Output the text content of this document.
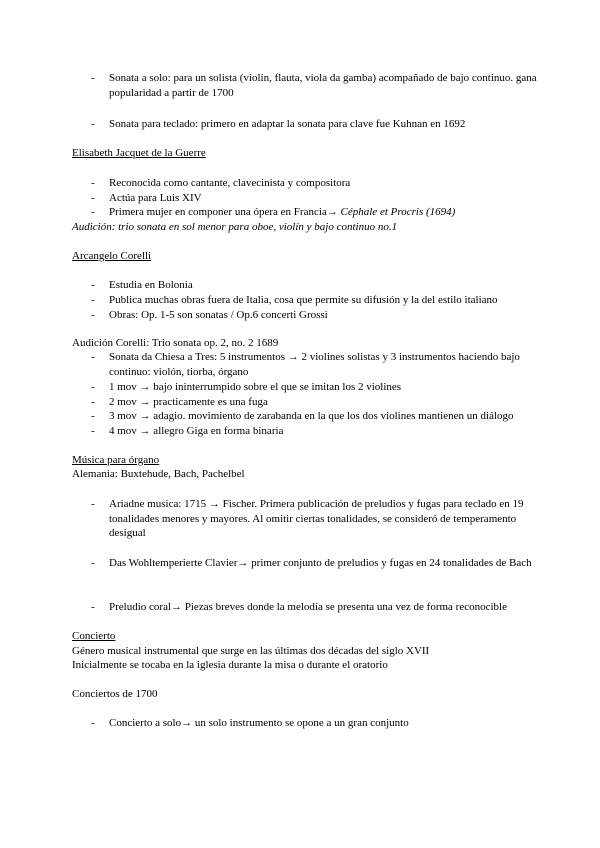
- Sonata a solo: para un solista (violín, flauta, viola da gamba) acompañado de bajo continuo. gana popularidad a partir de 1700
- Sonata para teclado: primero en adaptar la sonata para clave fue Kuhnan en 1692
Elisabeth Jacquet de la Guerre
- Reconocida como cantante, clavecinista y compositora
- Actúa para Luis XIV
- Primera mujer en componer una ópera en Francia→ Céphale et Procris (1694)
Audición: trio sonata en sol menor para oboe, violín y bajo continuo no.1
Arcangelo Corelli
- Estudia en Bolonia
- Publica muchas obras fuera de Italia, cosa que permite su difusión y la del estilo italiano
- Obras: Op. 1-5 son sonatas / Op.6 concerti Grossi
Audición Corelli: Trio sonata op. 2, no. 2 1689
- Sonata da Chiesa a Tres: 5 instrumentos → 2 violines solistas y 3 instrumentos haciendo bajo continuo: violón, tiorba, órgano
- 1 mov → bajo ininterrumpido sobre el que se imitan los 2 violines
- 2 mov → practicamente es una fuga
- 3 mov → adagio. movimiento de zarabanda en la que los dos violines mantienen un diálogo
- 4 mov → allegro Giga en forma binaria
Música para órgano
Alemania: Buxtehude, Bach, Pachelbel
- Ariadne musica: 1715 → Fischer. Primera publicación de preludios y fugas para teclado en 19 tonalidades menores y mayores. Al omitir ciertas tonalidades, se consideró de temperamento desigual
- Das Wohltemperierte Clavier→ primer conjunto de preludios y fugas en 24 tonalidades de Bach
- Preludio coral→ Piezas breves donde la melodía se presenta una vez de forma reconocible
Concierto
Género musical instrumental que surge en las últimas dos décadas del siglo XVII
Inicialmente se tocaba en la iglesia durante la misa o durante el oratorio
Conciertos de 1700
- Concierto a solo→ un solo instrumento se opone a un gran conjunto
